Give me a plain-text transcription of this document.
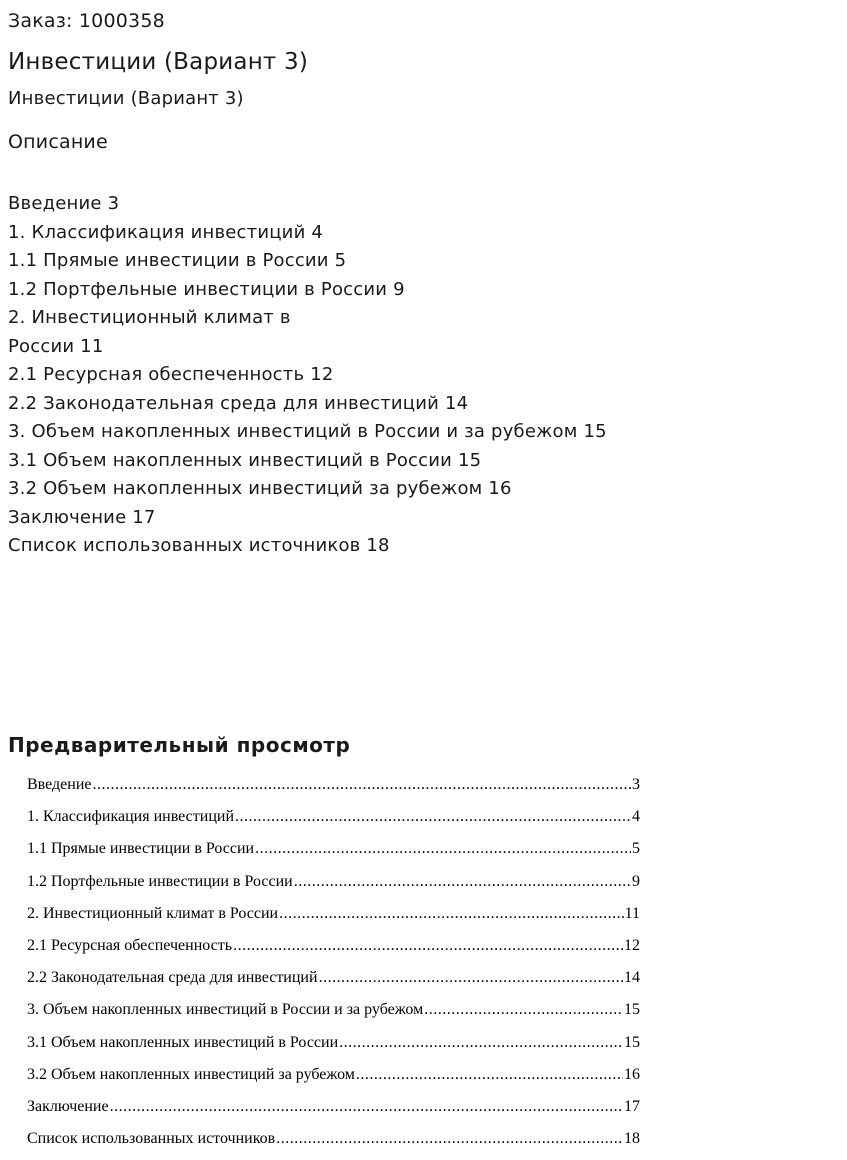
Заказ: 1000358
Инвестиции (Вариант 3)
Инвестиции (Вариант 3)
Описание
Введение 3
1. Классификация инвестиций 4
1.1 Прямые инвестиции в России 5
1.2 Портфельные инвестиции в России 9
2. Инвестиционный климат в
России 11
2.1 Ресурсная обеспеченность 12
2.2 Законодательная среда для инвестиций 14
3. Объем накопленных инвестиций в России и за рубежом 15
3.1 Объем накопленных инвестиций в России 15
3.2 Объем накопленных инвестиций за рубежом 16
Заключение 17
Список использованных источников 18
Предварительный просмотр
Введение .....	3
1. Классификация инвестиций .....	4
1.1 Прямые инвестиции в России .....	5
1.2 Портфельные инвестиции в России .....	9
2. Инвестиционный климат в России .....	11
2.1 Ресурсная обеспеченность .....	12
2.2 Законодательная среда для инвестиций .....	14
3. Объем накопленных инвестиций в России и за рубежом .....	15
3.1 Объем накопленных инвестиций в России .....	15
3.2 Объем накопленных инвестиций за рубежом .....	16
Заключение .....	17
Список использованных источников .....	18
